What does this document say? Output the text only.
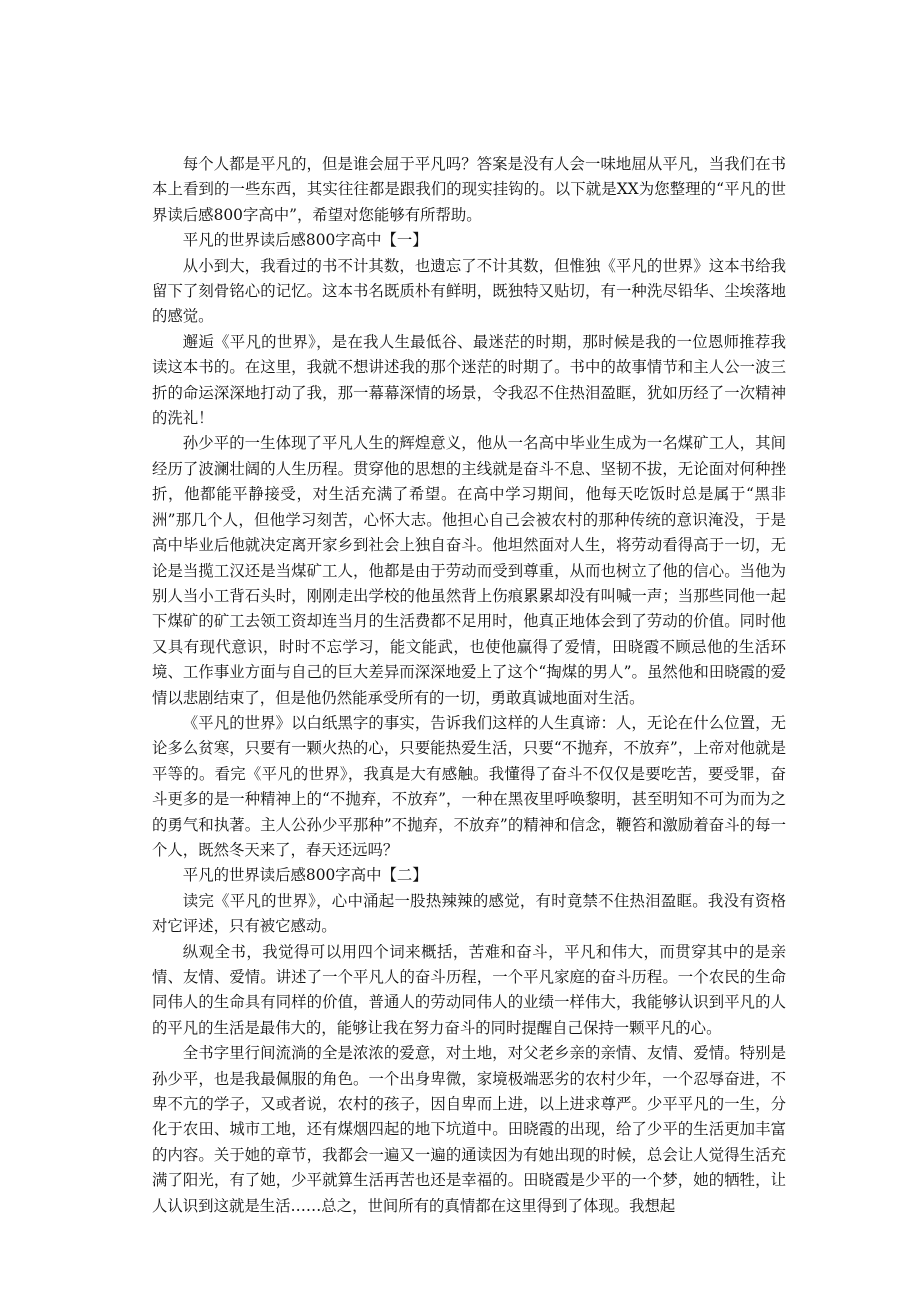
每个人都是平凡的，但是谁会屈于平凡吗？答案是没有人会一味地屈从平凡，当我们在书本上看到的一些东西，其实往往都是跟我们的现实挂钩的。以下就是XX为您整理的“平凡的世界读后感800字高中”，希望对您能够有所帮助。

平凡的世界读后感800字高中【一】

从小到大，我看过的书不计其数，也遗忘了不计其数，但惟独《平凡的世界》这本书给我留下了刻骨铭心的记忆。这本书名既质朴有鲜明，既独特又贴切，有一种洗尽铅华、尘埃落地的感觉。

邂逅《平凡的世界》，是在我人生最低谷、最迷茫的时期，那时候是我的一位恩师推荐我读这本书的。在这里，我就不想讲述我的那个迷茫的时期了。书中的故事情节和主人公一波三折的命运深深地打动了我，那一幕幕深情的场景，令我忍不住热泪盈眶，犹如历经了一次精神的洗礼！

孙少平的一生体现了平凡人生的辉煌意义，他从一名高中毕业生成为一名煤矿工人，其间经历了波澜壮阔的人生历程。贯穿他的思想的主线就是奋斗不息、坚韧不拔，无论面对何种挫折，他都能平静接受，对生活充满了希望。在高中学习期间，他每天吃饭时总是属于“黑非洲”那几个人，但他学习刻苦，心怀大志。他担心自己会被农村的那种传统的意识淹没，于是高中毕业后他就决定离开家乡到社会上独自奋斗。他坦然面对人生，将劳动看得高于一切，无论是当揽工汉还是当煤矿工人，他都是由于劳动而受到尊重，从而也树立了他的信心。当他为别人当小工背石头时，刚刚走出学校的他虽然背上伤痕累累却没有叫喊一声；当那些同他一起下煤矿的矿工去领工资却连当月的生活费都不足用时，他真正地体会到了劳动的价值。同时他又具有现代意识，时时不忘学习，能文能武，也使他赢得了爱情，田晓霞不顾忌他的生活环境、工作事业方面与自己的巨大差异而深深地爱上了这个“掏煤的男人”。虽然他和田晓霞的爱情以悲剧结束了，但是他仍然能承受所有的一切，勇敢真诚地面对生活。

《平凡的世界》以白纸黑字的事实，告诉我们这样的人生真谛：人，无论在什么位置，无论多么贫寒，只要有一颗火热的心，只要能热爱生活，只要“不抛弃，不放弃”，上帝对他就是平等的。看完《平凡的世界》，我真是大有感触。我懂得了奋斗不仅仅是要吃苦，要受罪，奋斗更多的是一种精神上的“不抛弃，不放弃”，一种在黑夜里呼唤黎明，甚至明知不可为而为之的勇气和执著。主人公孙少平那种”不抛弃，不放弃”的精神和信念，鞭笞和激励着奋斗的每一个人，既然冬天来了，春天还远吗？

平凡的世界读后感800字高中【二】

读完《平凡的世界》，心中涌起一股热辣辣的感觉，有时竟禁不住热泪盈眶。我没有资格对它评述，只有被它感动。

纵观全书，我觉得可以用四个词来概括，苦难和奋斗，平凡和伟大，而贯穿其中的是亲情、友情、爱情。讲述了一个平凡人的奋斗历程，一个平凡家庭的奋斗历程。一个农民的生命同伟人的生命具有同样的价值，普通人的劳动同伟人的业绩一样伟大，我能够认识到平凡的人的平凡的生活是最伟大的，能够让我在努力奋斗的同时提醒自己保持一颗平凡的心。

全书字里行间流淌的全是浓浓的爱意，对土地，对父老乡亲的亲情、友情、爱情。特别是孙少平，也是我最佩服的角色。一个出身卑微，家境极端恶劣的农村少年，一个忍辱奋进，不卑不亢的学子，又或者说，农村的孩子，因自卑而上进，以上进求尊严。少平平凡的一生，分化于农田、城市工地，还有煤烟四起的地下坑道中。田晓霞的出现，给了少平的生活更加丰富的内容。关于她的章节，我都会一遍又一遍的通读因为有她出现的时候，总会让人觉得生活充满了阳光，有了她，少平就算生活再苦也还是幸福的。田晓霞是少平的一个梦，她的牺牲，让人认识到这就是生活……总之，世间所有的真情都在这里得到了体现。我想起
